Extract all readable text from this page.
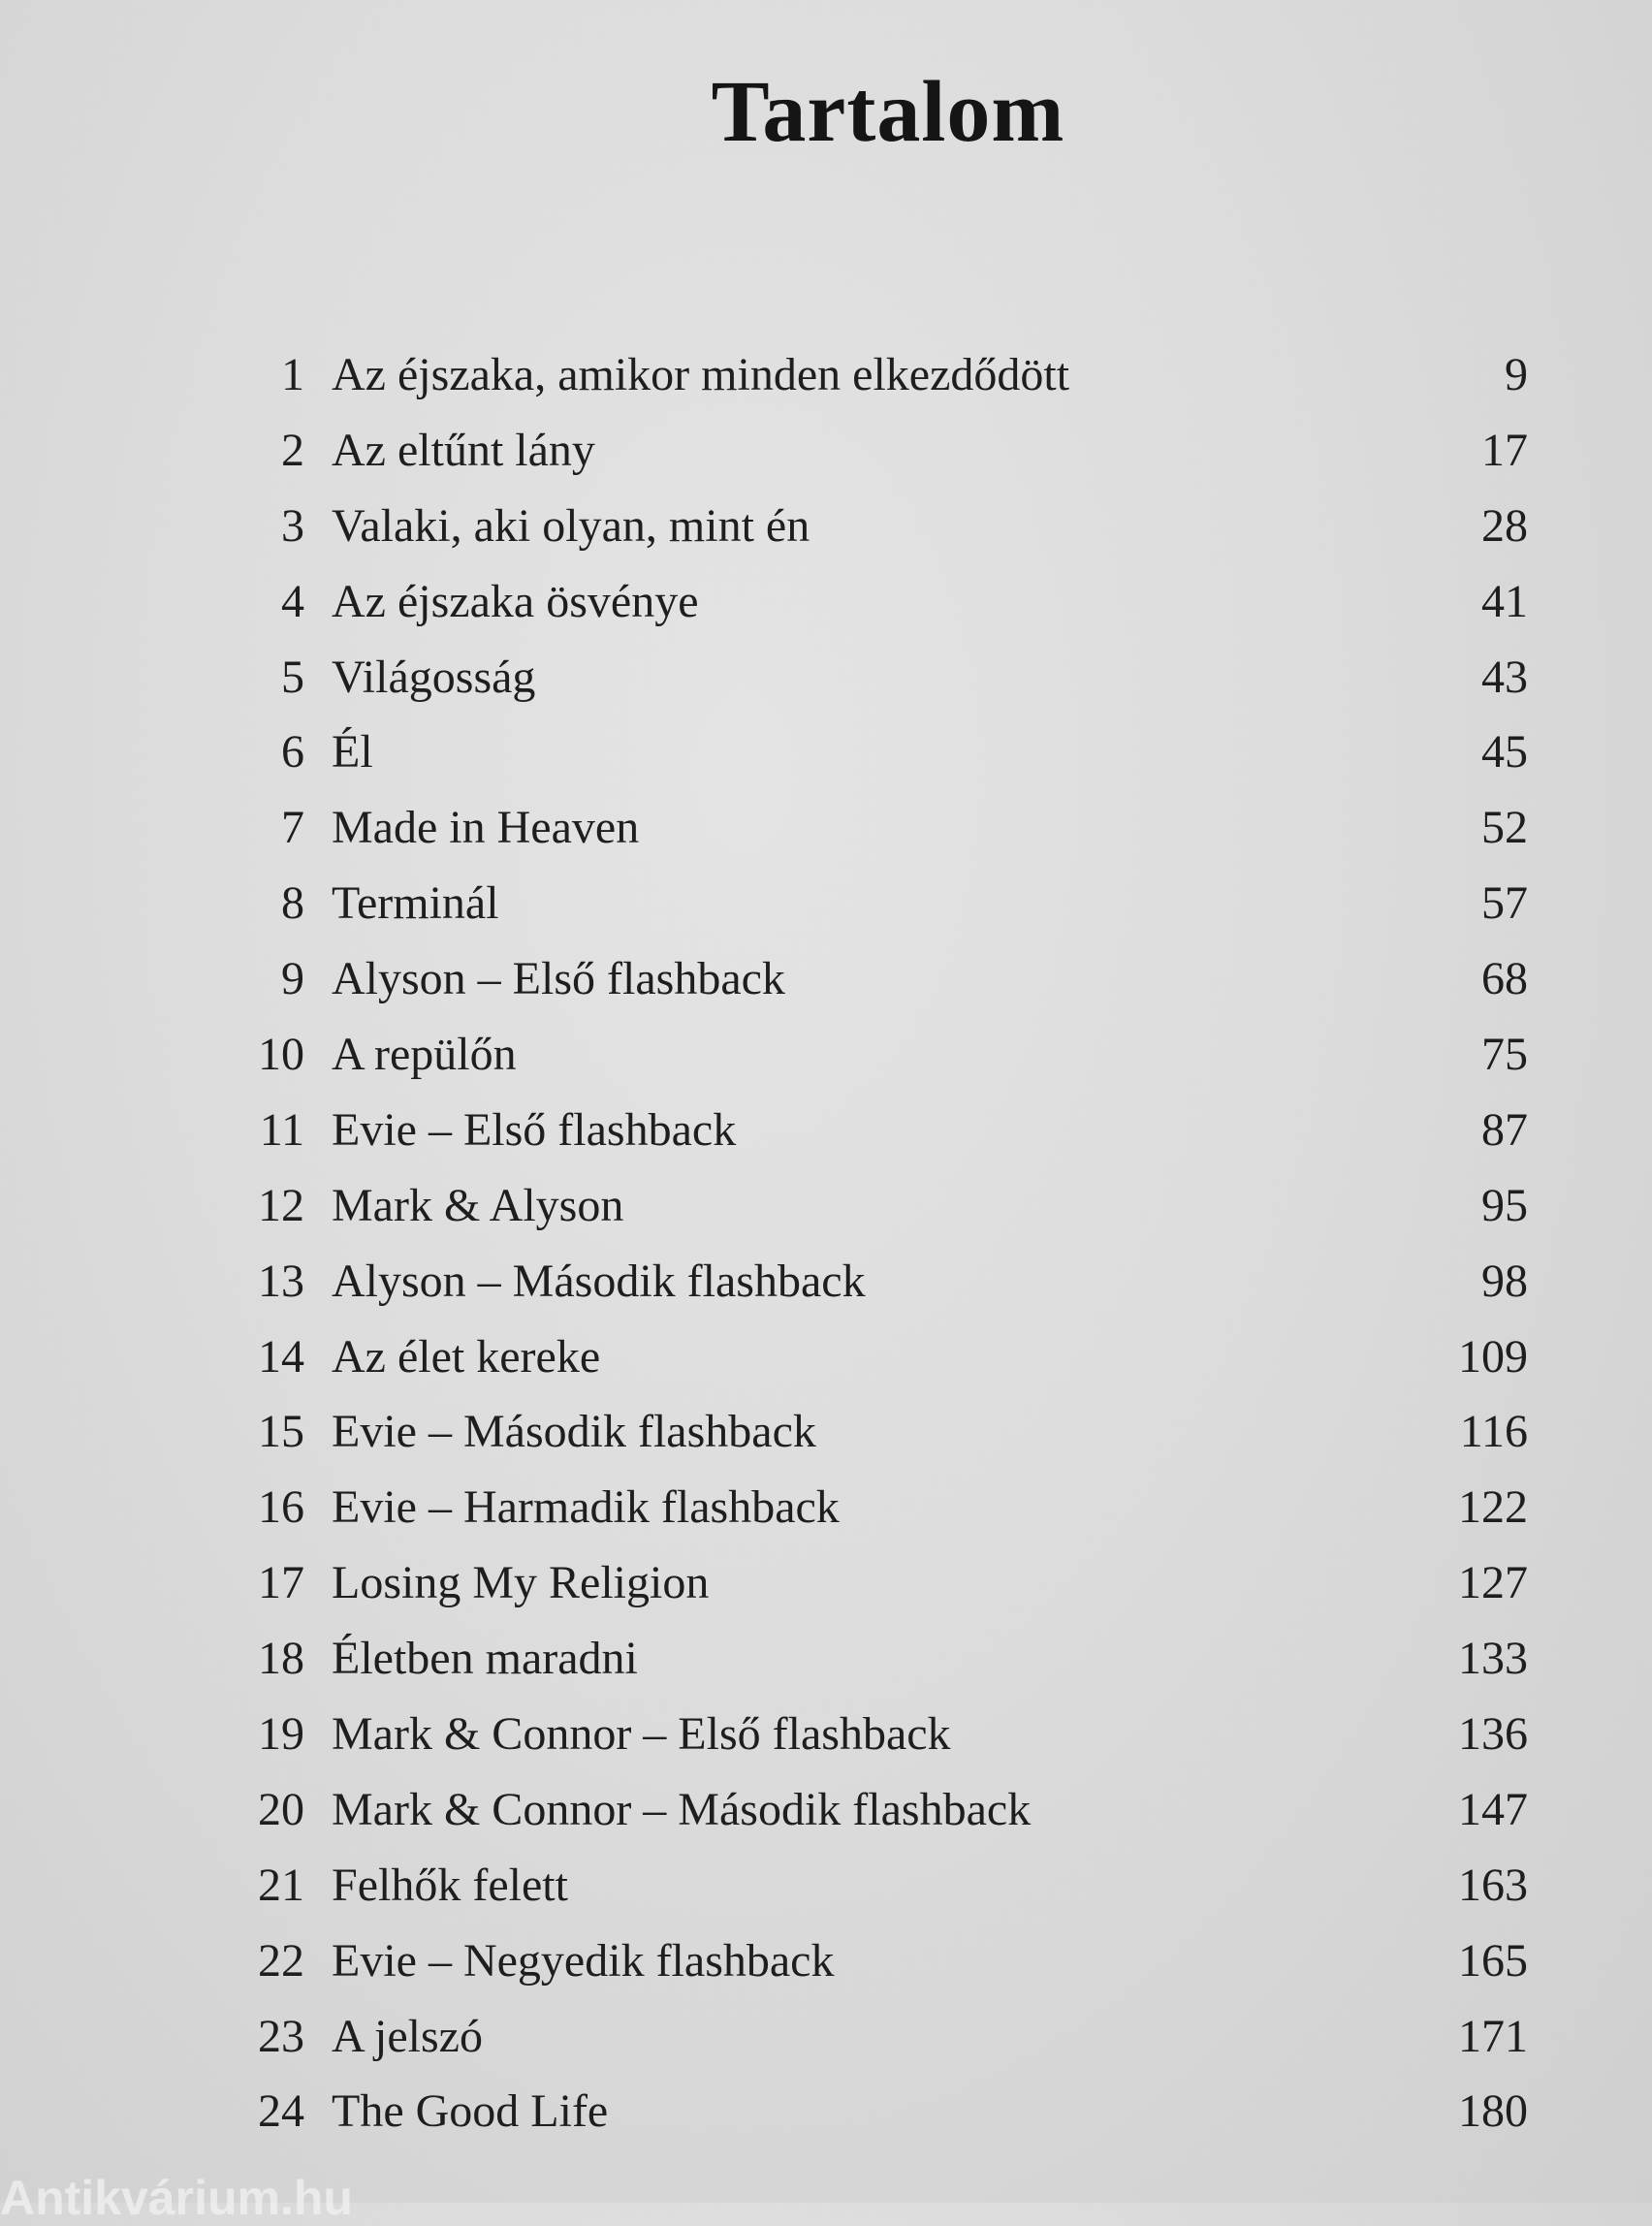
Tartalom
1 Az éjszaka, amikor minden elkezdődött	9
2 Az eltűnt lány	17
3 Valaki, aki olyan, mint én	28
4 Az éjszaka ösvénye	41
5 Világosság	43
6 Él	45
7 Made in Heaven	52
8 Terminál	57
9 Alyson – Első flashback	68
10 A repülőn	75
11 Evie – Első flashback	87
12 Mark & Alyson	95
13 Alyson – Második flashback	98
14 Az élet kereke	109
15 Evie – Második flashback	116
16 Evie – Harmadik flashback	122
17 Losing My Religion	127
18 Életben maradni	133
19 Mark & Connor – Első flashback	136
20 Mark & Connor – Második flashback	147
21 Felhők felett	163
22 Evie – Negyedik flashback	165
23 A jelszó	171
24 The Good Life	180
Antikvárium.hu
